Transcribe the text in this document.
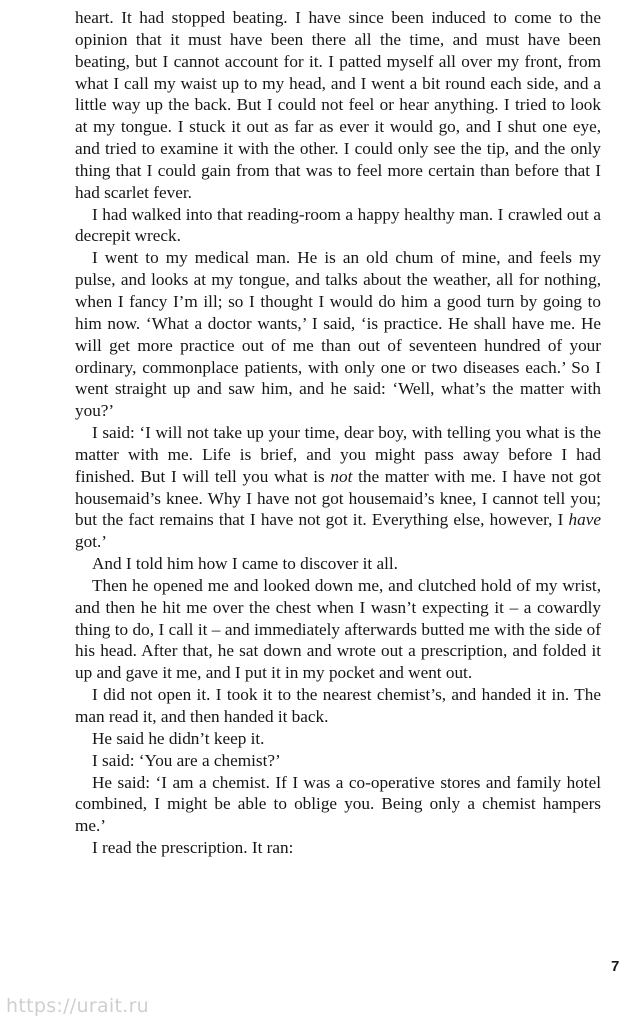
heart. It had stopped beating. I have since been induced to come to the opinion that it must have been there all the time, and must have been beating, but I cannot account for it. I patted myself all over my front, from what I call my waist up to my head, and I went a bit round each side, and a little way up the back. But I could not feel or hear anything. I tried to look at my tongue. I stuck it out as far as ever it would go, and I shut one eye, and tried to examine it with the other. I could only see the tip, and the only thing that I could gain from that was to feel more certain than before that I had scarlet fever.

I had walked into that reading-room a happy healthy man. I crawled out a decrepit wreck.

I went to my medical man. He is an old chum of mine, and feels my pulse, and looks at my tongue, and talks about the weather, all for nothing, when I fancy I’m ill; so I thought I would do him a good turn by going to him now. ‘What a doctor wants,’ I said, ‘is practice. He shall have me. He will get more practice out of me than out of seventeen hundred of your ordinary, commonplace patients, with only one or two diseases each.’ So I went straight up and saw him, and he said: ‘Well, what’s the matter with you?’

I said: ‘I will not take up your time, dear boy, with telling you what is the matter with me. Life is brief, and you might pass away before I had finished. But I will tell you what is not the matter with me. I have not got housemaid’s knee. Why I have not got housemaid’s knee, I cannot tell you; but the fact remains that I have not got it. Everything else, however, I have got.’

And I told him how I came to discover it all.

Then he opened me and looked down me, and clutched hold of my wrist, and then he hit me over the chest when I wasn’t expecting it – a cowardly thing to do, I call it – and immediately afterwards butted me with the side of his head. After that, he sat down and wrote out a prescription, and folded it up and gave it me, and I put it in my pocket and went out.

I did not open it. I took it to the nearest chemist’s, and handed it in. The man read it, and then handed it back.

He said he didn’t keep it.

I said: ‘You are a chemist?’

He said: ‘I am a chemist. If I was a co-operative stores and family hotel combined, I might be able to oblige you. Being only a chemist hampers me.’

I read the prescription. It ran:

7
https://urait.ru
